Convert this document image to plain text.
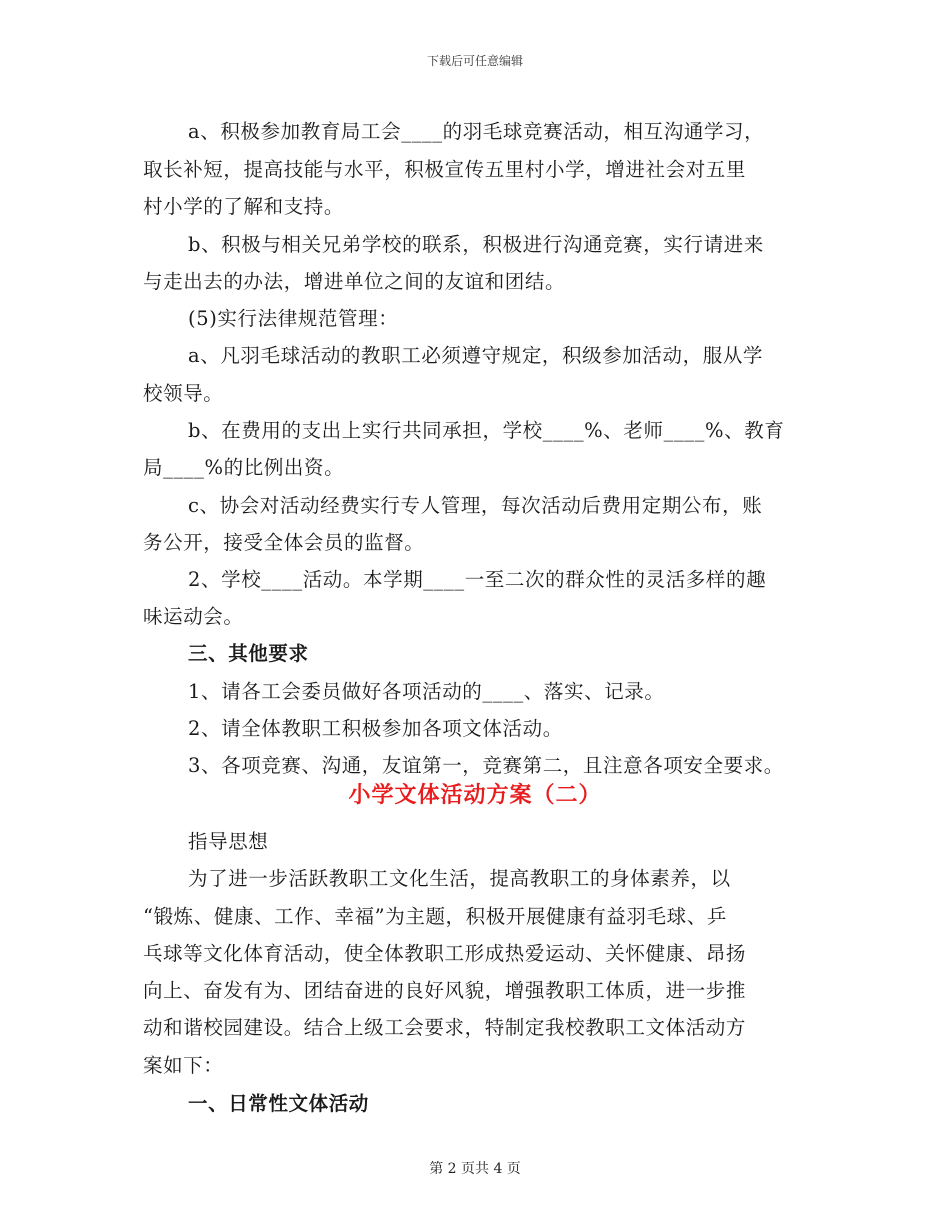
下载后可任意编辑
a、积极参加教育局工会____的羽毛球竞赛活动，相互沟通学习，
取长补短，提高技能与水平，积极宣传五里村小学，增进社会对五里
村小学的了解和支持。
b、积极与相关兄弟学校的联系，积极进行沟通竞赛，实行请进来
与走出去的办法，增进单位之间的友谊和团结。
(5)实行法律规范管理：
a、凡羽毛球活动的教职工必须遵守规定，积级参加活动，服从学
校领导。
b、在费用的支出上实行共同承担，学校____%、老师____%、教育
局____%的比例出资。
c、协会对活动经费实行专人管理，每次活动后费用定期公布，账
务公开，接受全体会员的监督。
2、学校____活动。本学期____一至二次的群众性的灵活多样的趣
味运动会。
三、其他要求
1、请各工会委员做好各项活动的____、落实、记录。
2、请全体教职工积极参加各项文体活动。
3、各项竞赛、沟通，友谊第一，竞赛第二，且注意各项安全要求。
小学文体活动方案（二）
指导思想
为了进一步活跃教职工文化生活，提高教职工的身体素养，以
“锻炼、健康、工作、幸福”为主题，积极开展健康有益羽毛球、乒
乓球等文化体育活动，使全体教职工形成热爱运动、关怀健康、昂扬
向上、奋发有为、团结奋进的良好风貌，增强教职工体质，进一步推
动和谐校园建设。结合上级工会要求，特制定我校教职工文体活动方
案如下：
一、日常性文体活动
第 2 页共 4 页
